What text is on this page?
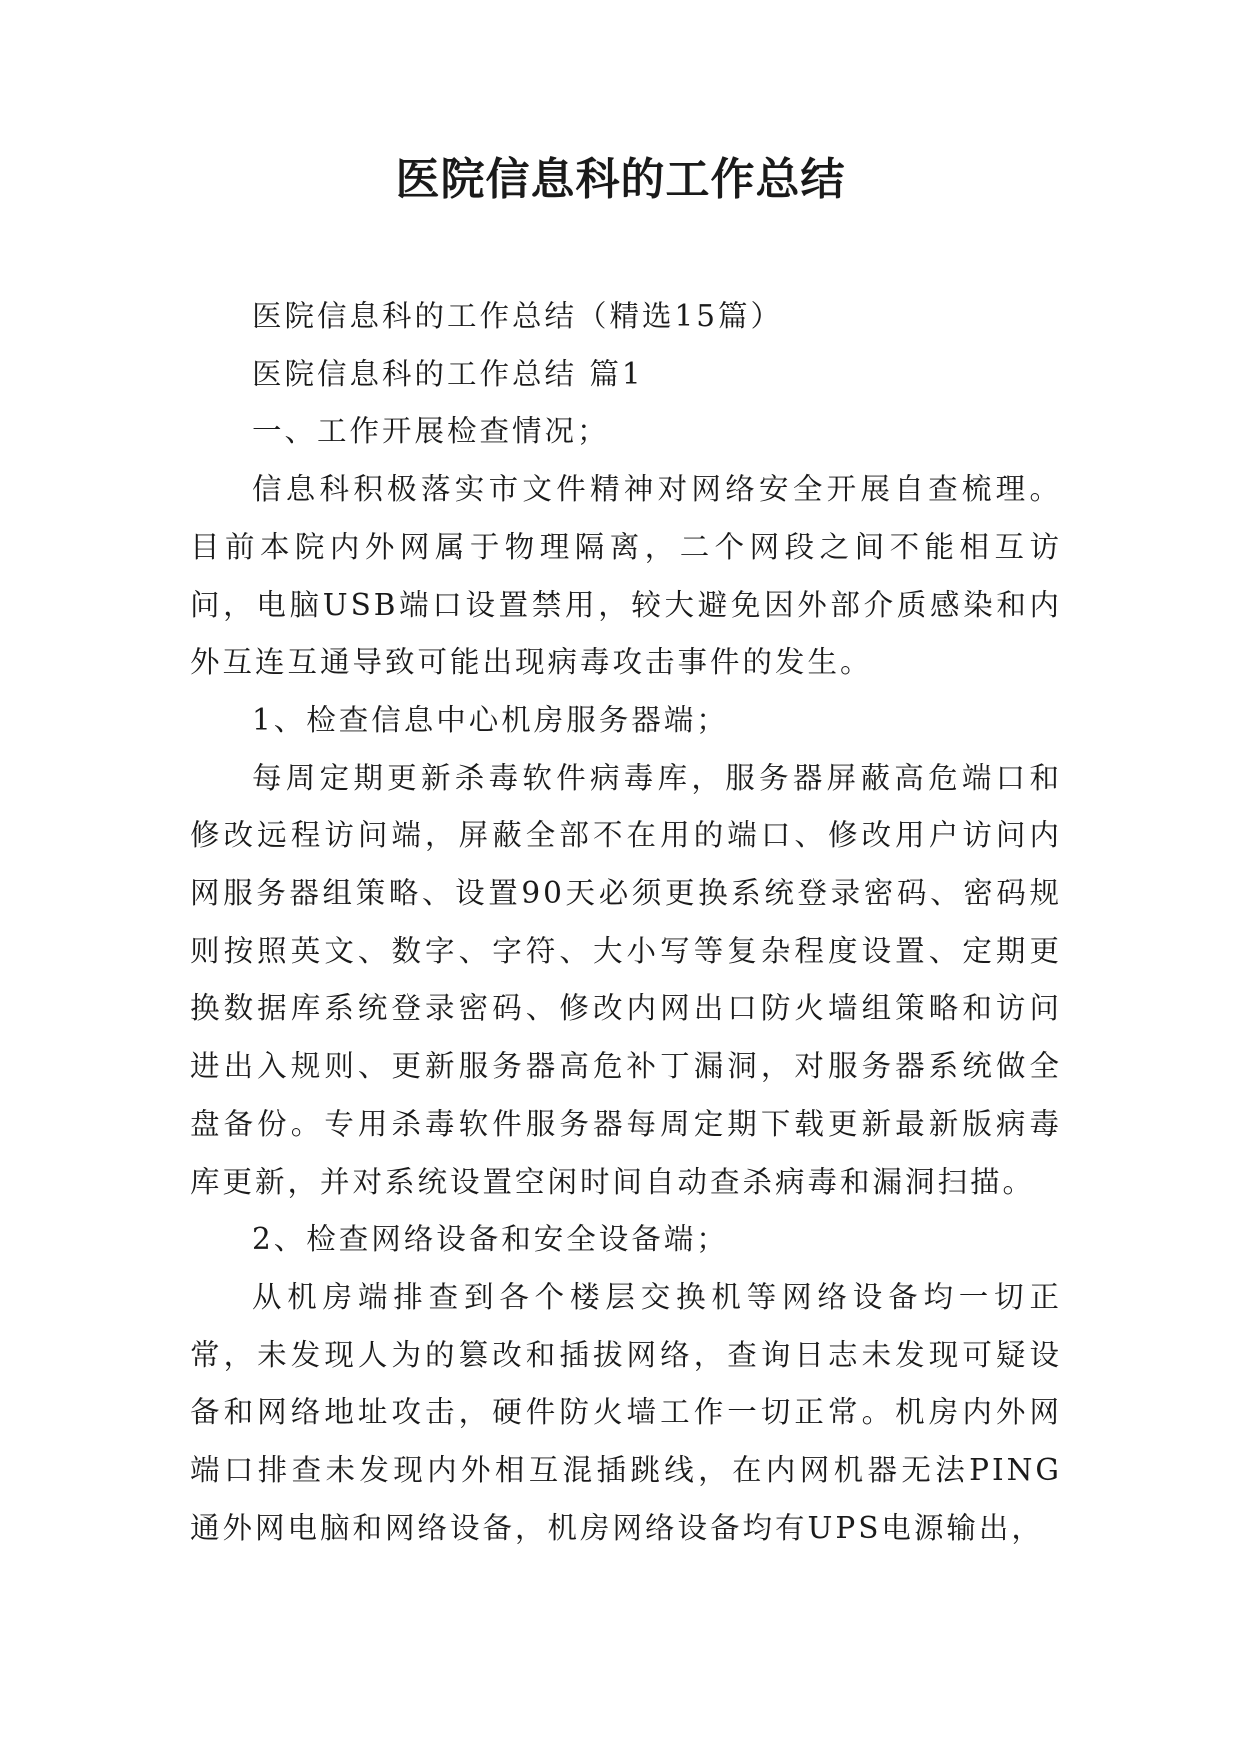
医院信息科的工作总结

医院信息科的工作总结（精选15篇）

医院信息科的工作总结 篇1

一、工作开展检查情况；

信息科积极落实市文件精神对网络安全开展自查梳理。目前本院内外网属于物理隔离，二个网段之间不能相互访问，电脑USB端口设置禁用，较大避免因外部介质感染和内外互连互通导致可能出现病毒攻击事件的发生。

1、检查信息中心机房服务器端；

每周定期更新杀毒软件病毒库，服务器屏蔽高危端口和修改远程访问端，屏蔽全部不在用的端口、修改用户访问内网服务器组策略、设置90天必须更换系统登录密码、密码规则按照英文、数字、字符、大小写等复杂程度设置、定期更换数据库系统登录密码、修改内网出口防火墙组策略和访问进出入规则、更新服务器高危补丁漏洞，对服务器系统做全盘备份。专用杀毒软件服务器每周定期下载更新最新版病毒库更新，并对系统设置空闲时间自动查杀病毒和漏洞扫描。

2、检查网络设备和安全设备端；

从机房端排查到各个楼层交换机等网络设备均一切正常，未发现人为的篡改和插拔网络，查询日志未发现可疑设备和网络地址攻击，硬件防火墙工作一切正常。机房内外网端口排查未发现内外相互混插跳线，在内网机器无法PING通外网电脑和网络设备，机房网络设备均有UPS电源输出，
